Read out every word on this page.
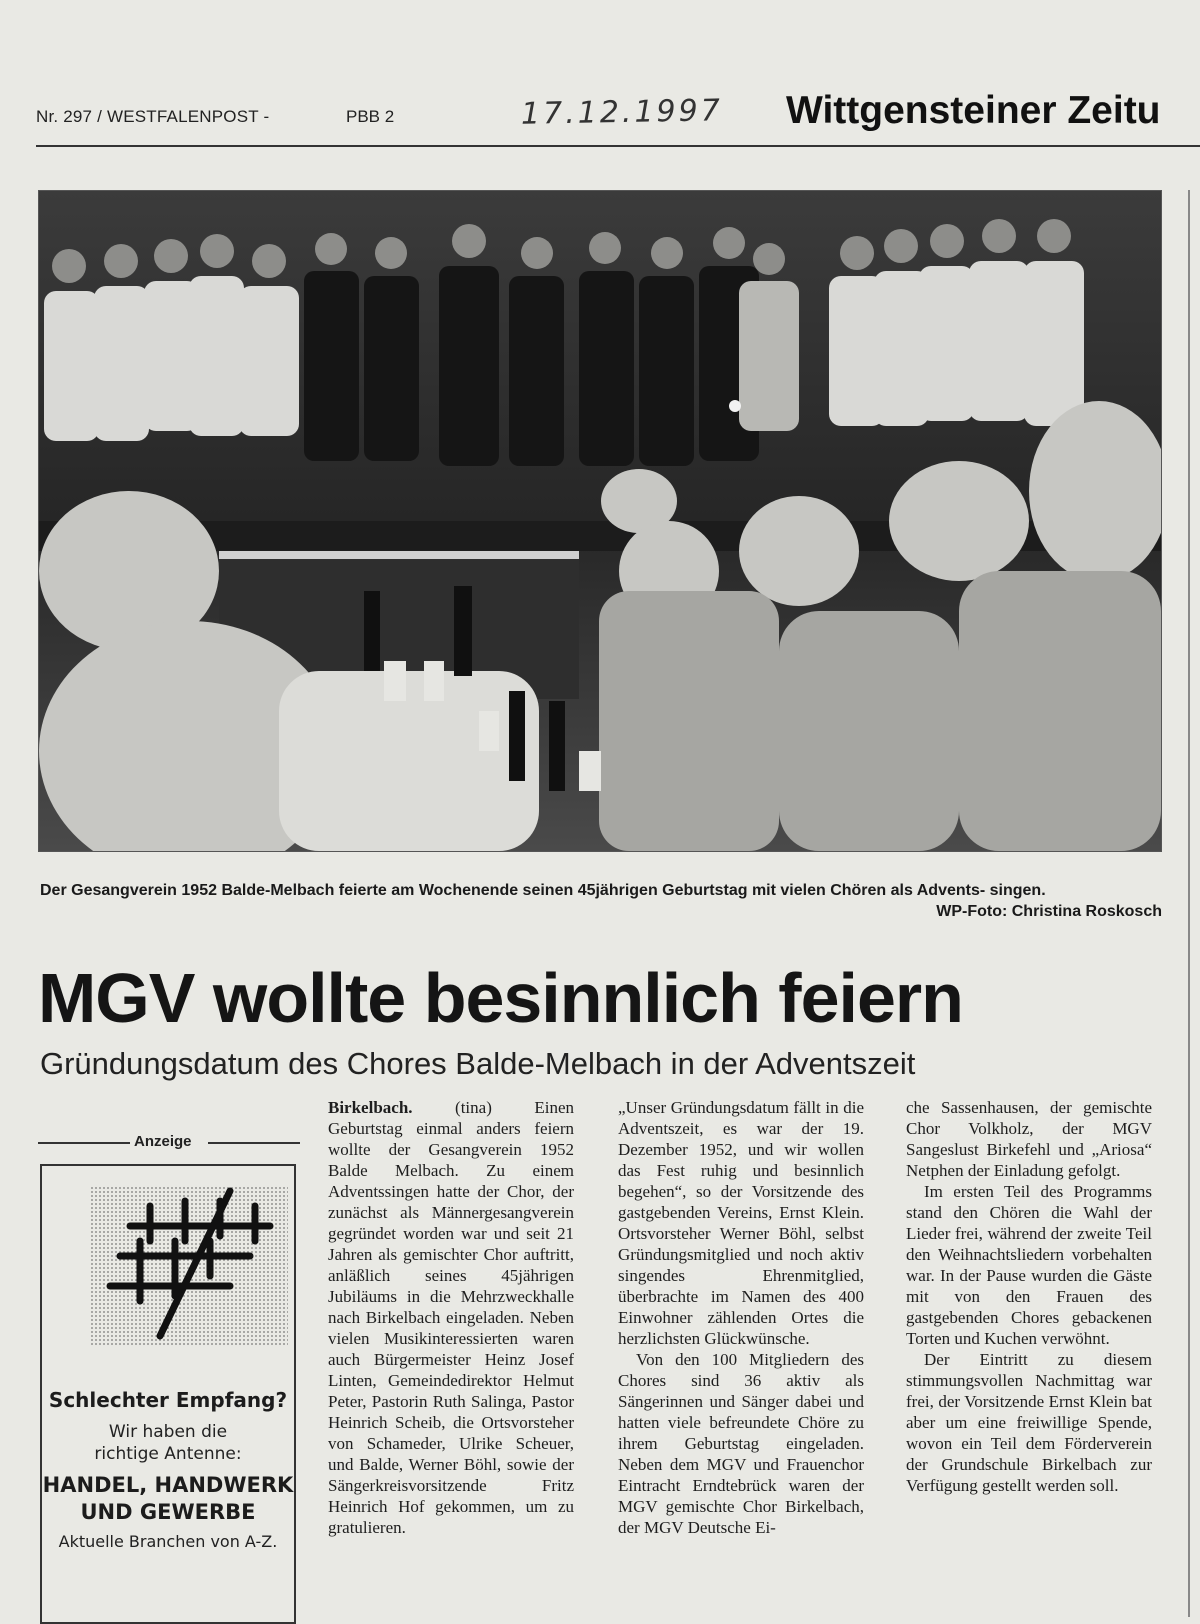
Nr. 297 / WESTFALENPOST -	PBB 2	17.12.1997 Wittgensteiner Zeitu
Der Gesangverein 1952 Balde-Melbach feierte am Wochenende seinen 45jährigen Geburtstag mit vielen Chören als Advents- singen.
WP-Foto: Christina Roskosch
MGV wollte besinnlich feiern
Gründungsdatum des Chores Balde-Melbach in der Adventszeit
Anzeige
Schlechter Empfang?
Wir haben die
richtige Antenne:
HANDEL, HANDWERK
UND GEWERBE
Aktuelle Branchen von A-Z.

Birkelbach.	(tina) Einen Geburtstag einmal anders feiern wollte der Gesangverein 1952 Balde Melbach. Zu einem Adventssingen hatte der Chor, der zunächst als Männergesangverein gegründet worden war und seit 21 Jahren als gemischter Chor auftritt, anläßlich seines 45jährigen Jubiläums in die Mehrzweckhalle nach Birkelbach eingeladen. Neben vielen Musikinteressierten waren auch Bürgermeister Heinz Josef Linten, Gemeindedirektor Helmut Peter, Pastorin Ruth Salinga, Pastor Heinrich Scheib, die Ortsvorsteher von Schameder, Ulrike Scheuer, und Balde, Werner Böhl, sowie der Sängerkreisvorsitzende Fritz Heinrich Hof gekommen, um zu gratulieren.

„Unser Gründungsdatum fällt in die Adventszeit, es war der 19. Dezember 1952, und wir wollen das Fest ruhig und besinnlich begehen“, so der Vorsitzende des gastgebenden Vereins, Ernst Klein. Ortsvorsteher Werner Böhl, selbst Gründungsmitglied und noch aktiv singendes Ehrenmitglied, überbrachte im Namen des 400 Einwohner zählenden Ortes die herzlichsten Glückwünsche.

Von den 100 Mitgliedern des Chores sind 36 aktiv als Sängerinnen und Sänger dabei und hatten viele befreundete Chöre zu ihrem Geburtstag eingeladen. Neben dem MGV und Frauenchor Eintracht Erndtebrück waren der MGV gemischte Chor Birkelbach, der MGV Deutsche Ei-

che Sassenhausen, der gemischte Chor Volkholz, der MGV Sangeslust Birkefehl und „Ariosa“ Netphen der Einladung gefolgt.

Im ersten Teil des Programms stand den Chören die Wahl der Lieder frei, während der zweite Teil den Weihnachtsliedern vorbehalten war. In der Pause wurden die Gäste mit von den Frauen des gastgebenden Chores gebackenen Torten und Kuchen verwöhnt.

Der Eintritt zu diesem stimmungsvollen Nachmittag war frei, der Vorsitzende Ernst Klein bat aber um eine freiwillige Spende, wovon ein Teil dem Förderverein der Grundschule Birkelbach zur Verfügung gestellt werden soll.
